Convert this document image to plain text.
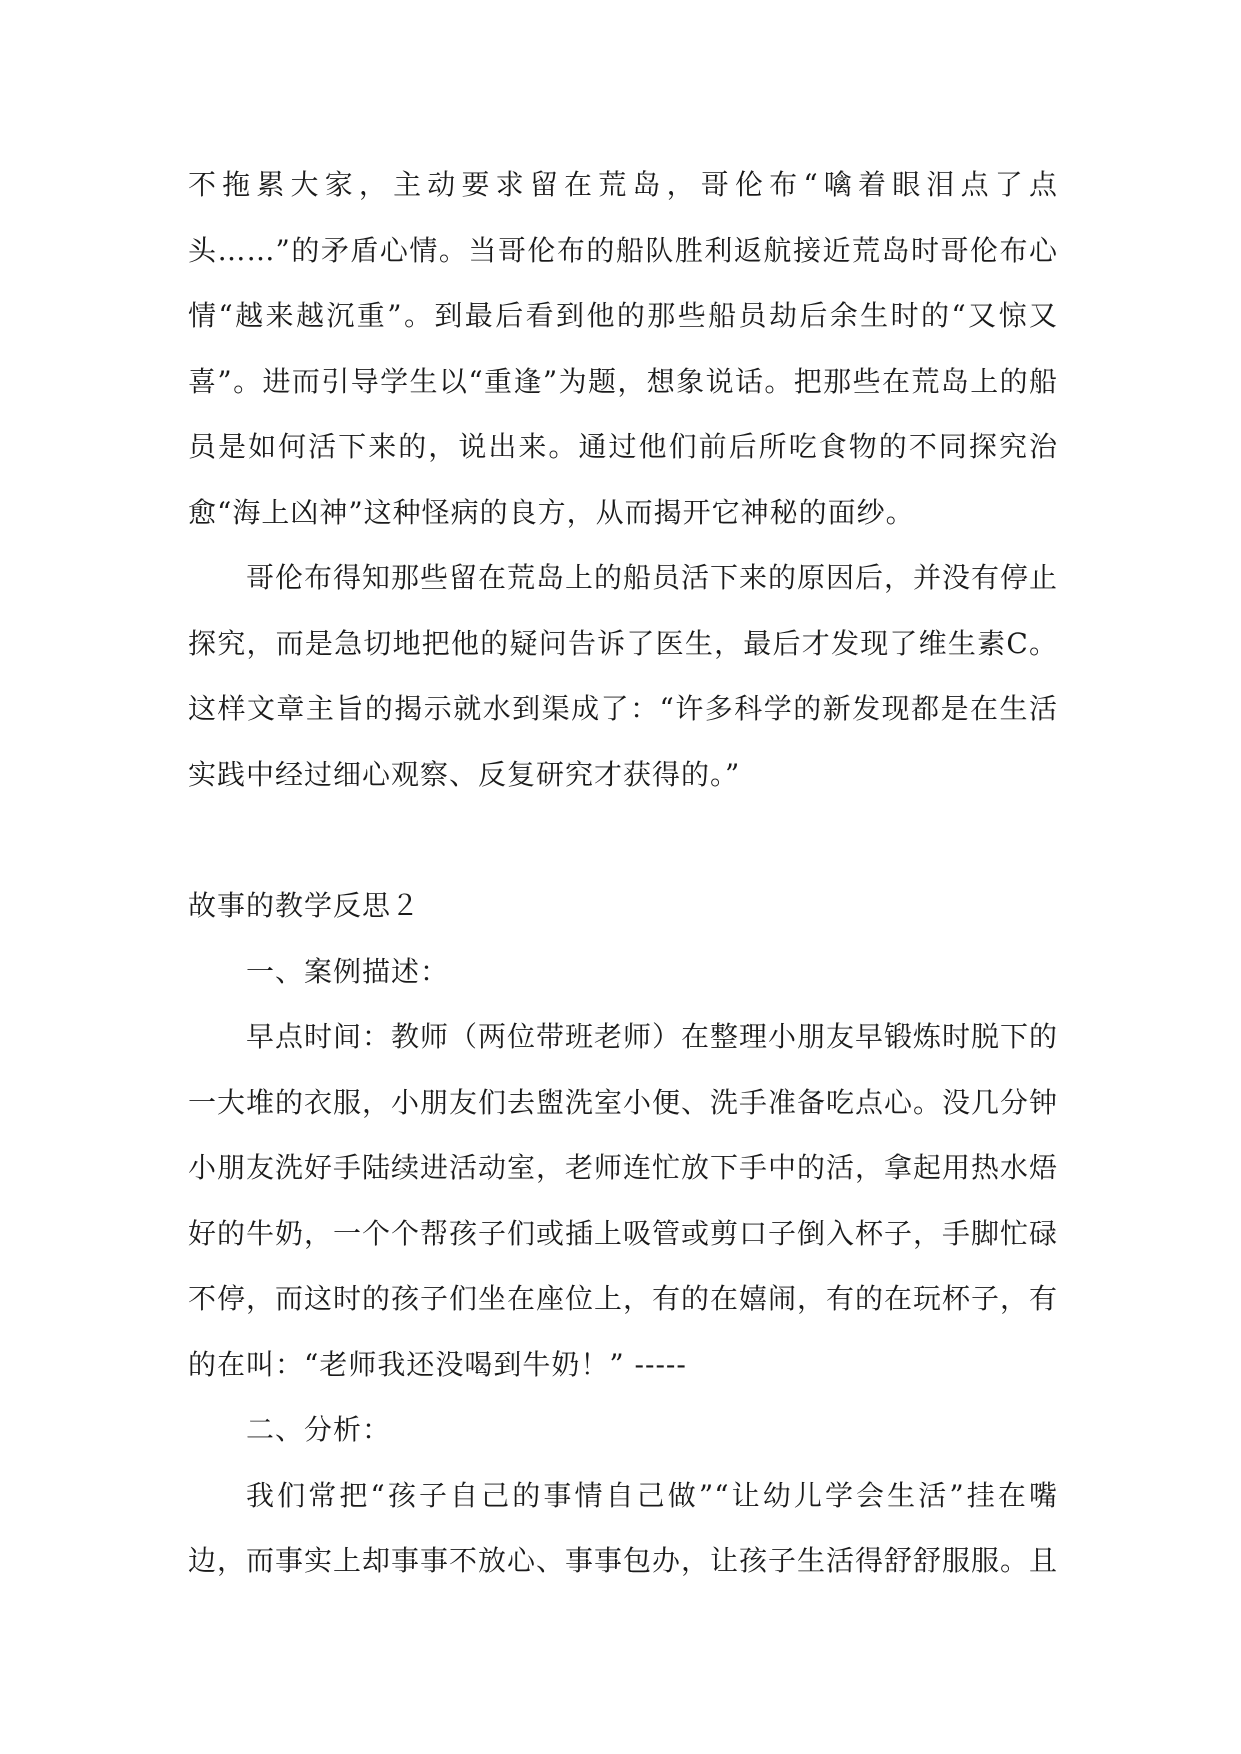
不拖累大家，主动要求留在荒岛，哥伦布“噙着眼泪点了点头……”的矛盾心情。当哥伦布的船队胜利返航接近荒岛时哥伦布心情“越来越沉重”。到最后看到他的那些船员劫后余生时的“又惊又喜”。进而引导学生以“重逢”为题，想象说话。把那些在荒岛上的船员是如何活下来的，说出来。通过他们前后所吃食物的不同探究治愈“海上凶神”这种怪病的良方，从而揭开它神秘的面纱。

哥伦布得知那些留在荒岛上的船员活下来的原因后，并没有停止探究，而是急切地把他的疑问告诉了医生，最后才发现了维生素C。这样文章主旨的揭示就水到渠成了：“许多科学的新发现都是在生活实践中经过细心观察、反复研究才获得的。”

故事的教学反思２

一、案例描述：

早点时间：教师（两位带班老师）在整理小朋友早锻炼时脱下的一大堆的衣服，小朋友们去盥洗室小便、洗手准备吃点心。没几分钟小朋友洗好手陆续进活动室，老师连忙放下手中的活，拿起用热水焐好的牛奶，一个个帮孩子们或插上吸管或剪口子倒入杯子，手脚忙碌不停，而这时的孩子们坐在座位上，有的在嬉闹，有的在玩杯子，有的在叫：“老师我还没喝到牛奶！” -----

二、分析：

我们常把“孩子自己的事情自己做”“让幼儿学会生活”挂在嘴边，而事实上却事事不放心、事事包办，让孩子生活得舒舒服服。且
